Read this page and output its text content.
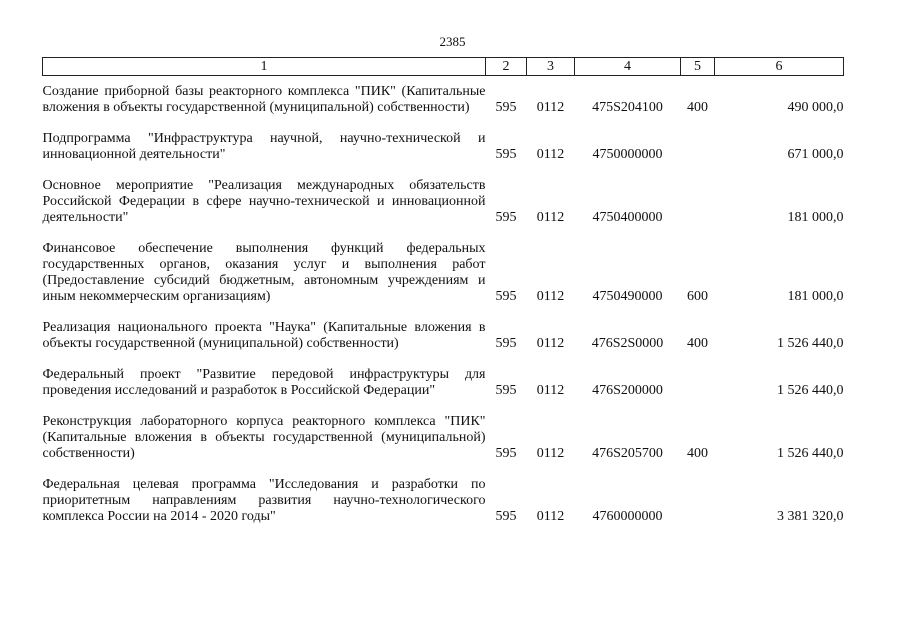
2385
1	2	3	4	5	6
Создание приборной базы реакторного комплекса "ПИК" (Капитальные вложения в объекты государственной (муниципальной) собственности)	595	0112	475S204100	400	490 000,0
Подпрограмма "Инфраструктура научной, научно-технической и инновационной деятельности"	595	0112	4750000000		671 000,0
Основное мероприятие "Реализация международных обязательств Российской Федерации в сфере научно-технической и инновационной деятельности"	595	0112	4750400000		181 000,0
Финансовое обеспечение выполнения функций федеральных государственных органов, оказания услуг и выполнения работ (Предоставление субсидий бюджетным, автономным учреждениям и иным некоммерческим организациям)	595	0112	4750490000	600	181 000,0
Реализация национального проекта "Наука" (Капитальные вложения в объекты государственной (муниципальной) собственности)	595	0112	476S2S0000	400	1 526 440,0
Федеральный проект "Развитие передовой инфраструктуры для проведения исследований и разработок в Российской Федерации"	595	0112	476S200000		1 526 440,0
Реконструкция лабораторного корпуса реакторного комплекса "ПИК" (Капитальные вложения в объекты государственной (муниципальной) собственности)	595	0112	476S205700	400	1 526 440,0
Федеральная целевая программа "Исследования и разработки по приоритетным направлениям развития научно-технологического комплекса России на 2014 - 2020 годы"	595	0112	4760000000		3 381 320,0
